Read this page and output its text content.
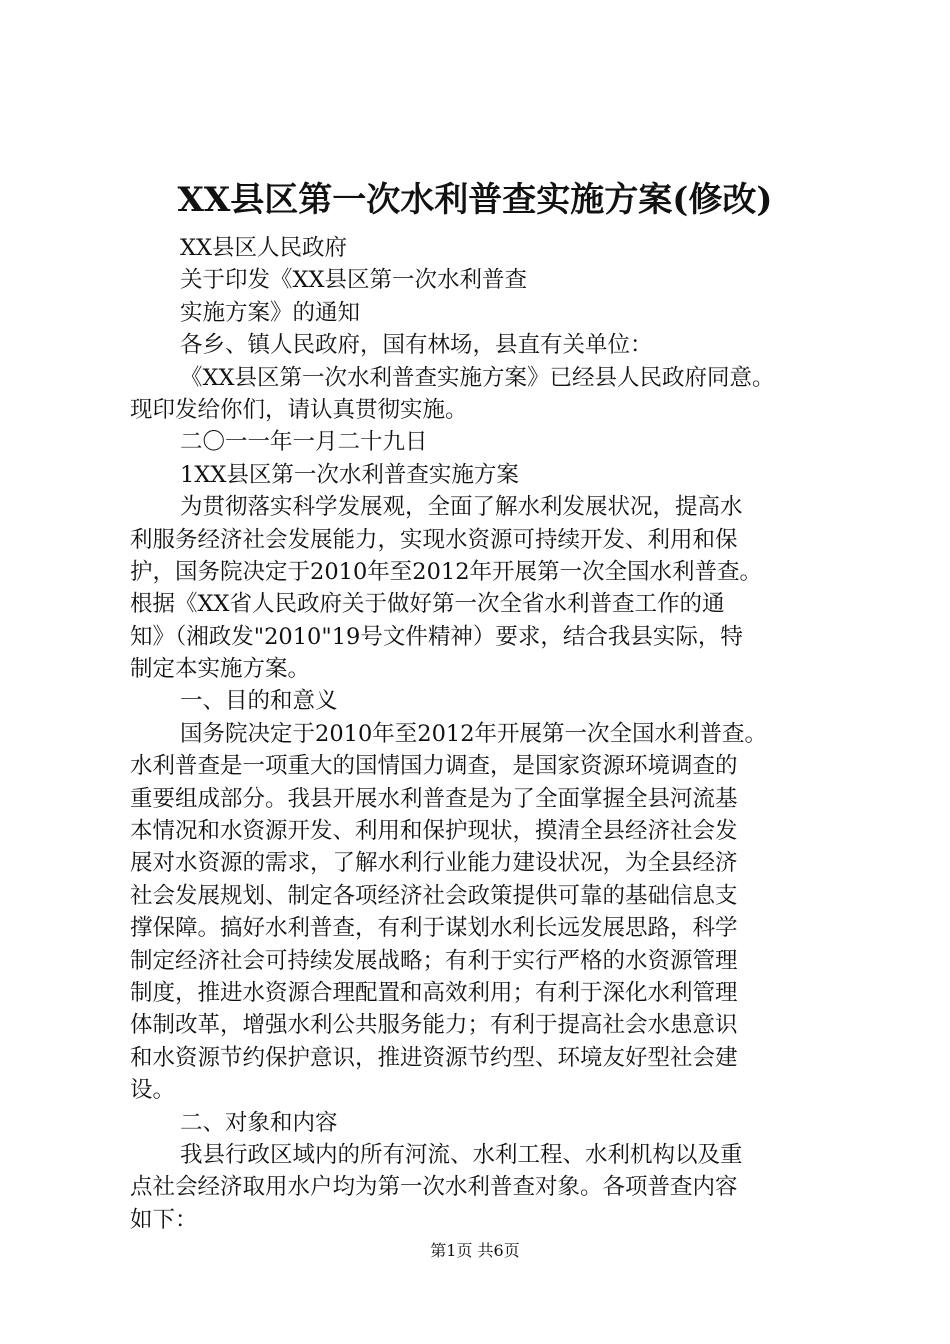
XX县区第一次水利普查实施方案(修改)
XX县区人民政府
关于印发《XX县区第一次水利普查
实施方案》的通知
各乡、镇人民政府，国有林场，县直有关单位：
《XX县区第一次水利普查实施方案》已经县人民政府同意。
现印发给你们，请认真贯彻实施。
二〇一一年一月二十九日
1XX县区第一次水利普查实施方案
为贯彻落实科学发展观，全面了解水利发展状况，提高水
利服务经济社会发展能力，实现水资源可持续开发、利用和保
护，国务院决定于2010年至2012年开展第一次全国水利普查。
根据《XX省人民政府关于做好第一次全省水利普查工作的通
知》（湘政发"2010"19号文件精神）要求，结合我县实际，特
制定本实施方案。
一、目的和意义
国务院决定于2010年至2012年开展第一次全国水利普查。
水利普查是一项重大的国情国力调查，是国家资源环境调查的
重要组成部分。我县开展水利普查是为了全面掌握全县河流基
本情况和水资源开发、利用和保护现状，摸清全县经济社会发
展对水资源的需求，了解水利行业能力建设状况，为全县经济
社会发展规划、制定各项经济社会政策提供可靠的基础信息支
撑保障。搞好水利普查，有利于谋划水利长远发展思路，科学
制定经济社会可持续发展战略；有利于实行严格的水资源管理
制度，推进水资源合理配置和高效利用；有利于深化水利管理
体制改革，增强水利公共服务能力；有利于提高社会水患意识
和水资源节约保护意识，推进资源节约型、环境友好型社会建
设。
二、对象和内容
我县行政区域内的所有河流、水利工程、水利机构以及重
点社会经济取用水户均为第一次水利普查对象。各项普查内容
如下：
第1页 共6页
